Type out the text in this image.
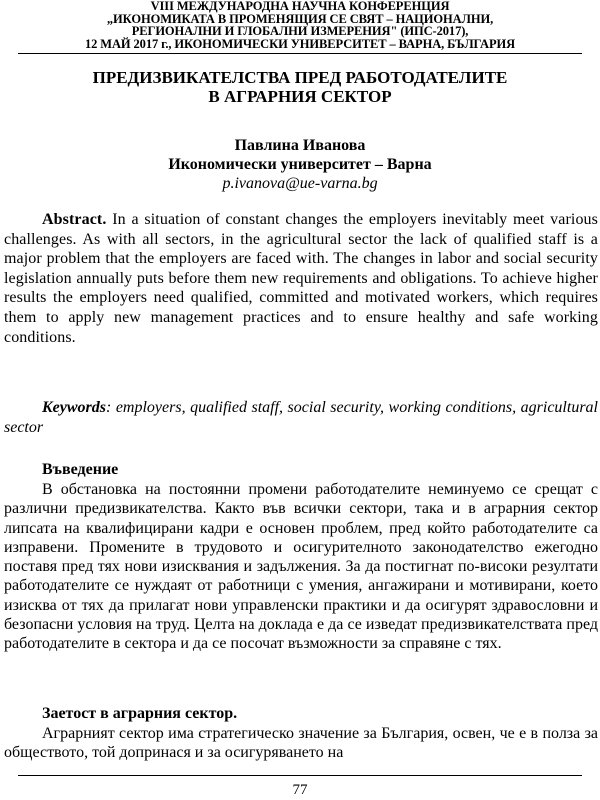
VIII МЕЖДУНАРОДНА НАУЧНА КОНФЕРЕНЦИЯ
„ИКОНОМИКАТА В ПРОМЕНЯЩИЯ СЕ СВЯТ – НАЦИОНАЛНИ,
РЕГИОНАЛНИ И ГЛОБАЛНИ ИЗМЕРЕНИЯ" (ИПС-2017),
12 МАЙ 2017 г., ИКОНОМИЧЕСКИ УНИВЕРСИТЕТ – ВАРНА, БЪЛГАРИЯ
ПРЕДИЗВИКАТЕЛСТВА ПРЕД РАБОТОДАТЕЛИТЕ
В АГРАРНИЯ СЕКТОР
Павлина Иванова
Икономически университет – Варна
p.ivanova@ue-varna.bg
Abstract. In a situation of constant changes the employers inevitably meet various challenges. As with all sectors, in the agricultural sector the lack of qualified staff is a major problem that the employers are faced with. The changes in labor and social security legislation annually puts before them new requirements and obligations. To achieve higher results the employers need qualified, committed and motivated workers, which requires them to apply new management practices and to ensure healthy and safe working conditions.
Keywords: employers, qualified staff, social security, working conditions, agricultural sector
Въведение
В обстановка на постоянни промени работодателите неминуемо се срещат с различни предизвикателства. Както във всички сектори, така и в аграрния сектор липсата на квалифицирани кадри е основен проблем, пред който работодателите са изправени. Промените в трудовото и осигурителното законодателство ежегодно поставя пред тях нови изисквания и задължения. За да постигнат по-високи резултати работодателите се нуждаят от работници с умения, ангажирани и мотивирани, което изисква от тях да прилагат нови управленски практики и да осигурят здравословни и безопасни условия на труд. Целта на доклада е да се изведат предизвикателствата пред работодателите в сектора и да се посочат възможности за справяне с тях.
Заетост в аграрния сектор.
Аграрният сектор има стратегическо значение за България, освен, че е в полза за обществото, той допринася и за осигуряването на
77
